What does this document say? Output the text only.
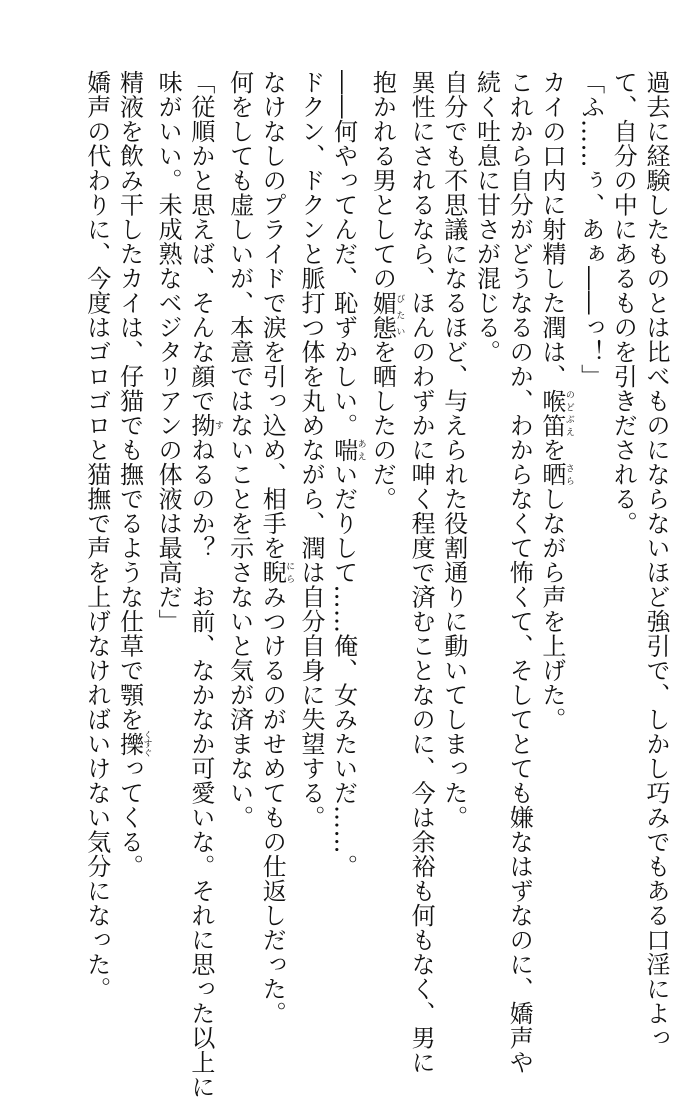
過去に経験したものとは比べものにならないほど強引で、しかし巧みでもある口淫によっ

て、自分の中にあるものを引きだされる。

「ふ……ぅ、あぁ――っ！」

カイの口内に射精した潤は、喉笛のどぶえを晒さらしながら声を上げた。

これから自分がどうなるのか、わからなくて怖くて、そしてとても嫌なはずなのに、嬌声や

続く吐息に甘さが混じる。

自分でも不思議になるほど、与えられた役割通りに動いてしまった。

異性にされるなら、ほんのわずかに呻く程度で済むことなのに、今は余裕も何もなく、男に

抱かれる男としての媚態びたいを晒したのだ。

――何やってんだ、恥ずかしい。喘あえいだりして……俺、女みたいだ……。

ドクン、ドクンと脈打つ体を丸めながら、潤は自分自身に失望する。

なけなしのプライドで涙を引っ込め、相手を睨にらみつけるのがせめてもの仕返しだった。

何をしても虚しいが、本意ではないことを示さないと気が済まない。

「従順かと思えば、そんな顔で拗すねるのか？　お前、なかなか可愛いな。それに思った以上に

味がいい。未成熟なベジタリアンの体液は最高だ」

精液を飲み干したカイは、仔猫でも撫でるような仕草で顎を擽くすぐってくる。

嬌声の代わりに、今度はゴロゴロと猫撫で声を上げなければいけない気分になった。
